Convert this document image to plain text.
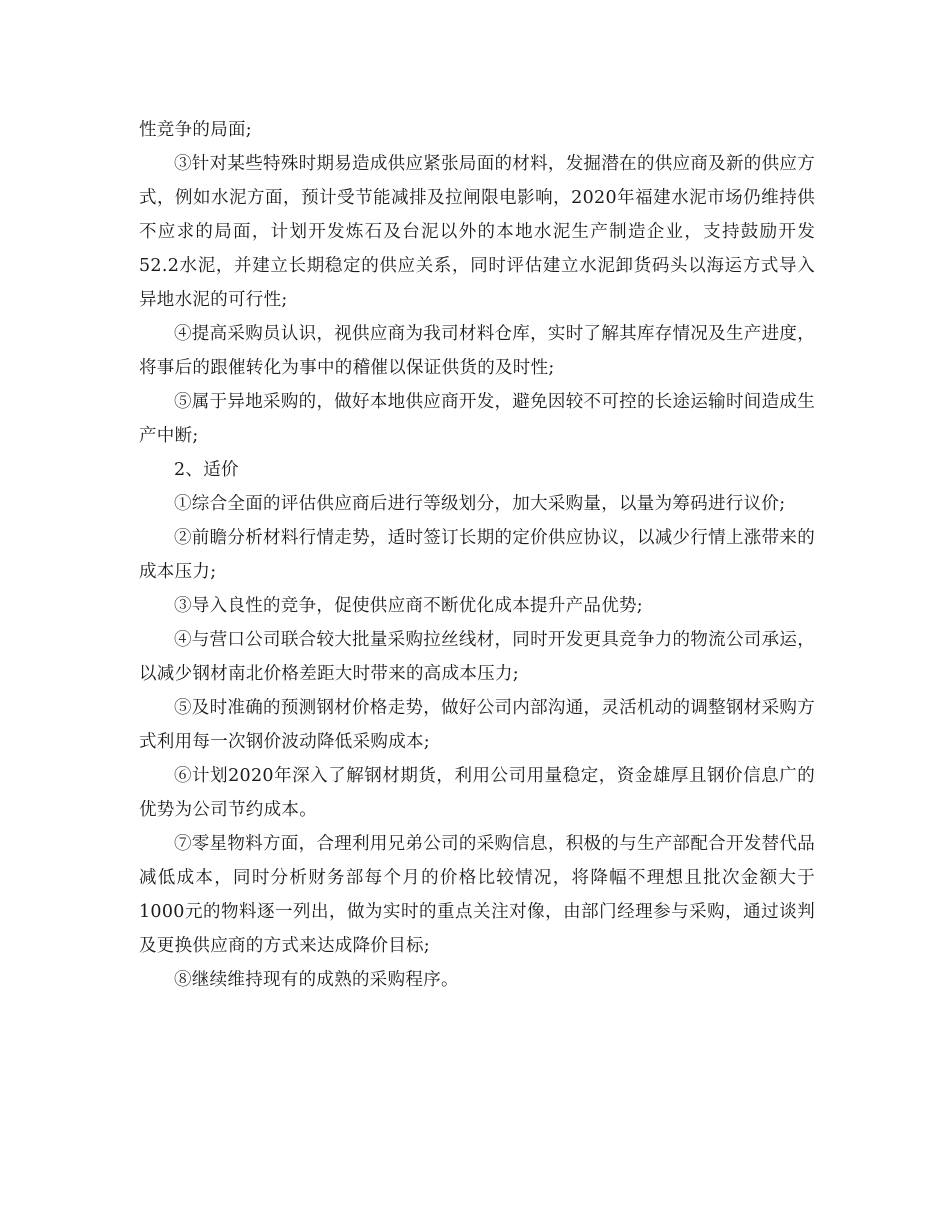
性竞争的局面;

③针对某些特殊时期易造成供应紧张局面的材料，发掘潜在的供应商及新的供应方式，例如水泥方面，预计受节能减排及拉闸限电影响，2020年福建水泥市场仍维持供不应求的局面，计划开发炼石及台泥以外的本地水泥生产制造企业，支持鼓励开发52.2水泥，并建立长期稳定的供应关系，同时评估建立水泥卸货码头以海运方式导入异地水泥的可行性;

④提高采购员认识，视供应商为我司材料仓库，实时了解其库存情况及生产进度，将事后的跟催转化为事中的稽催以保证供货的及时性;

⑤属于异地采购的，做好本地供应商开发，避免因较不可控的长途运输时间造成生产中断;

2、适价

①综合全面的评估供应商后进行等级划分，加大采购量，以量为筹码进行议价;

②前瞻分析材料行情走势，适时签订长期的定价供应协议，以减少行情上涨带来的成本压力;

③导入良性的竞争，促使供应商不断优化成本提升产品优势;

④与营口公司联合较大批量采购拉丝线材，同时开发更具竞争力的物流公司承运，以减少钢材南北价格差距大时带来的高成本压力;

⑤及时准确的预测钢材价格走势，做好公司内部沟通，灵活机动的调整钢材采购方式利用每一次钢价波动降低采购成本;

⑥计划2020年深入了解钢材期货，利用公司用量稳定，资金雄厚且钢价信息广的优势为公司节约成本。

⑦零星物料方面，合理利用兄弟公司的采购信息，积极的与生产部配合开发替代品减低成本，同时分析财务部每个月的价格比较情况，将降幅不理想且批次金额大于1000元的物料逐一列出，做为实时的重点关注对像，由部门经理参与采购，通过谈判及更换供应商的方式来达成降价目标;

⑧继续维持现有的成熟的采购程序。
